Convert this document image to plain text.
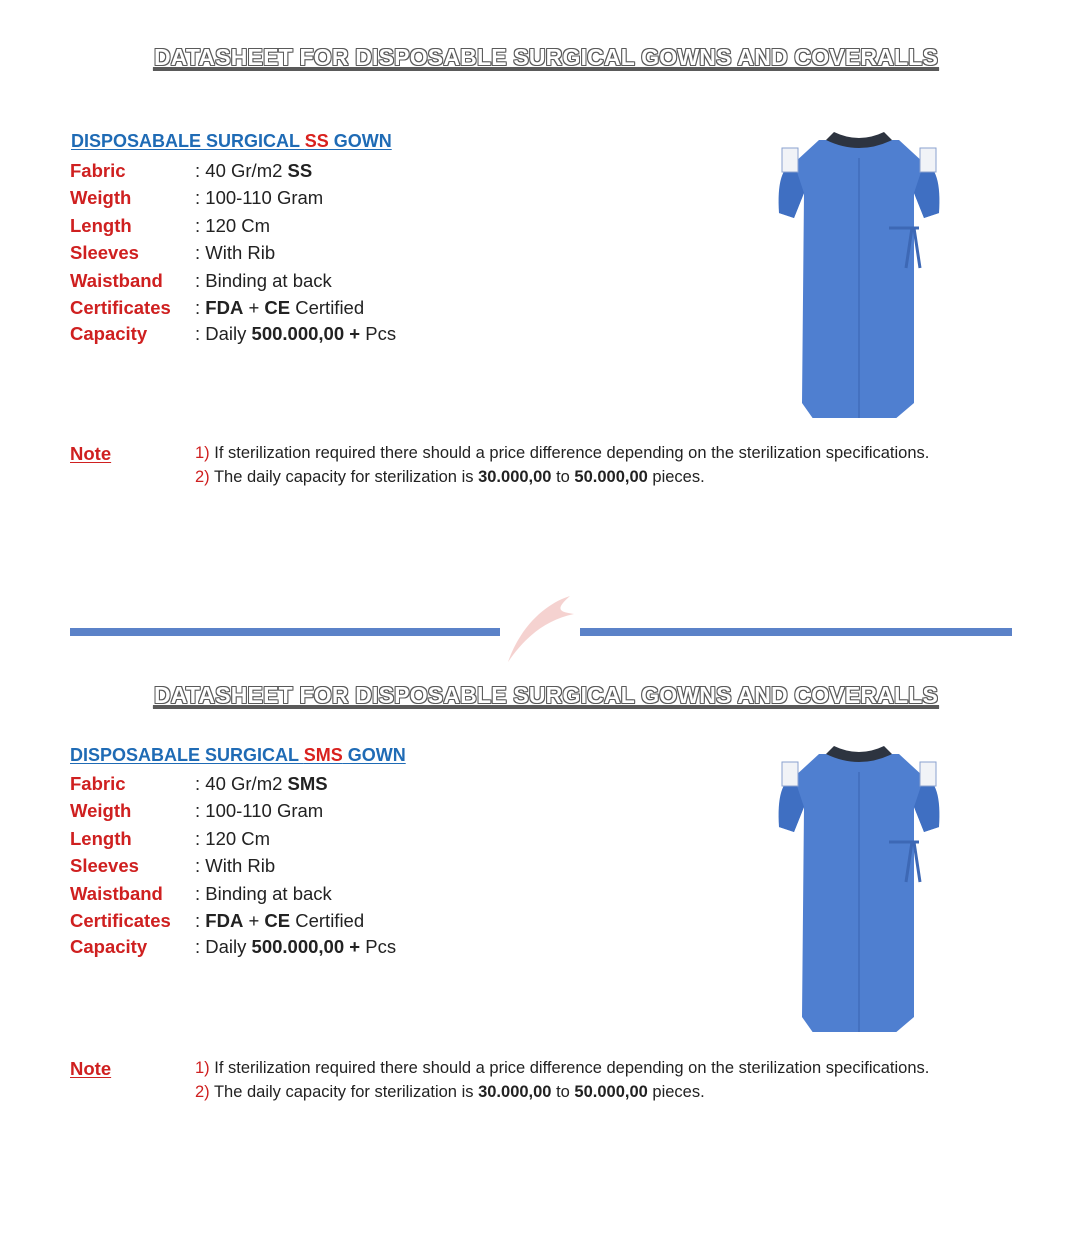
DATASHEET FOR DISPOSABLE SURGICAL GOWNS AND COVERALLS
DISPOSABALE SURGICAL SS GOWN
Fabric	: 40 Gr/m2 SS
Weigth	: 100-110 Gram
Length	: 120 Cm
Sleeves	: With Rib
Waistband : Binding at back
Certificates : FDA + CE Certified
Capacity	: Daily 500.000,00 + Pcs
Note	1) If sterilization required there should a price difference depending on the sterilization specifications.
2) The daily capacity for sterilization is 30.000,00 to 50.000,00 pieces.
DATASHEET FOR DISPOSABLE SURGICAL GOWNS AND COVERALLS
DISPOSABALE SURGICAL SMS GOWN
Fabric	: 40 Gr/m2 SMS
Weigth	: 100-110 Gram
Length	: 120 Cm
Sleeves	: With Rib
Waistband : Binding at back
Certificates : FDA + CE Certified
Capacity	: Daily 500.000,00 + Pcs
Note	1) If sterilization required there should a price difference depending on the sterilization specifications.
2) The daily capacity for sterilization is 30.000,00 to 50.000,00 pieces.
